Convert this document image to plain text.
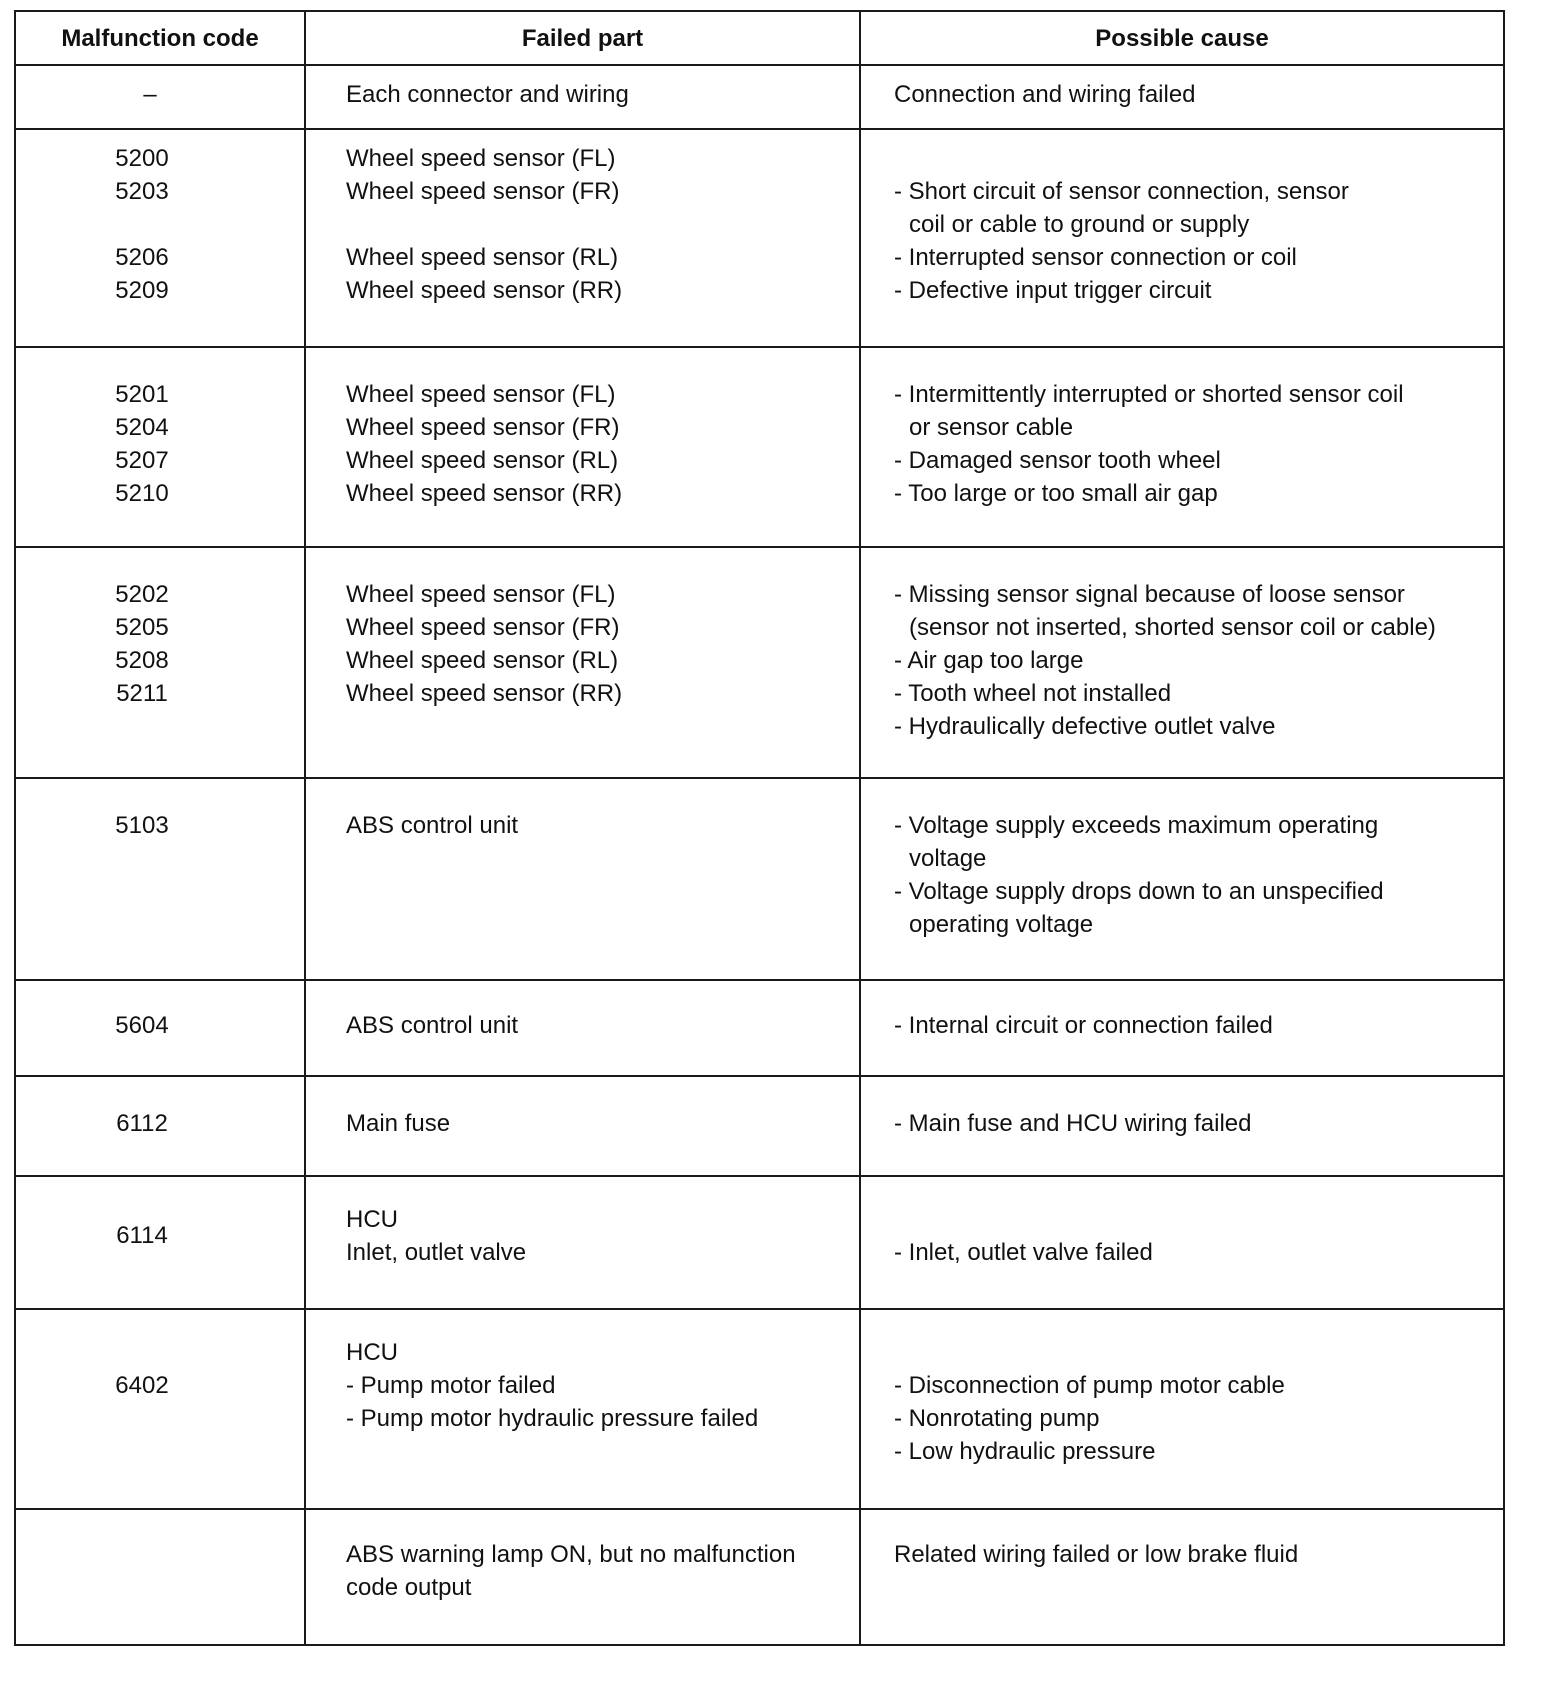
Malfunction code	Failed part	Possible cause

–	Each connector and wiring	Connection and wiring failed

5200
5203
5206
5209	Wheel speed sensor (FL)
Wheel speed sensor (FR)
Wheel speed sensor (RL)
Wheel speed sensor (RR)	- Short circuit of sensor connection, sensor
coil or cable to ground or supply
- Interrupted sensor connection or coil
- Defective input trigger circuit

5201
5204
5207
5210	Wheel speed sensor (FL)
Wheel speed sensor (FR)
Wheel speed sensor (RL)
Wheel speed sensor (RR)	- Intermittently interrupted or shorted sensor coil
or sensor cable
- Damaged sensor tooth wheel
- Too large or too small air gap

5202
5205
5208
5211	Wheel speed sensor (FL)
Wheel speed sensor (FR)
Wheel speed sensor (RL)
Wheel speed sensor (RR)	- Missing sensor signal because of loose sensor
(sensor not inserted, shorted sensor coil or cable)
- Air gap too large
- Tooth wheel not installed
- Hydraulically defective outlet valve

5103	ABS control unit	- Voltage supply exceeds maximum operating
voltage
- Voltage supply drops down to an unspecified
operating voltage

5604	ABS control unit	- Internal circuit or connection failed

6112	Main fuse	- Main fuse and HCU wiring failed

6114	HCU
Inlet, outlet valve	- Inlet, outlet valve failed

6402	HCU
- Pump motor failed
- Pump motor hydraulic pressure failed	- Disconnection of pump motor cable
- Nonrotating pump
- Low hydraulic pressure

	ABS warning lamp ON, but no malfunction
code output	Related wiring failed or low brake fluid
